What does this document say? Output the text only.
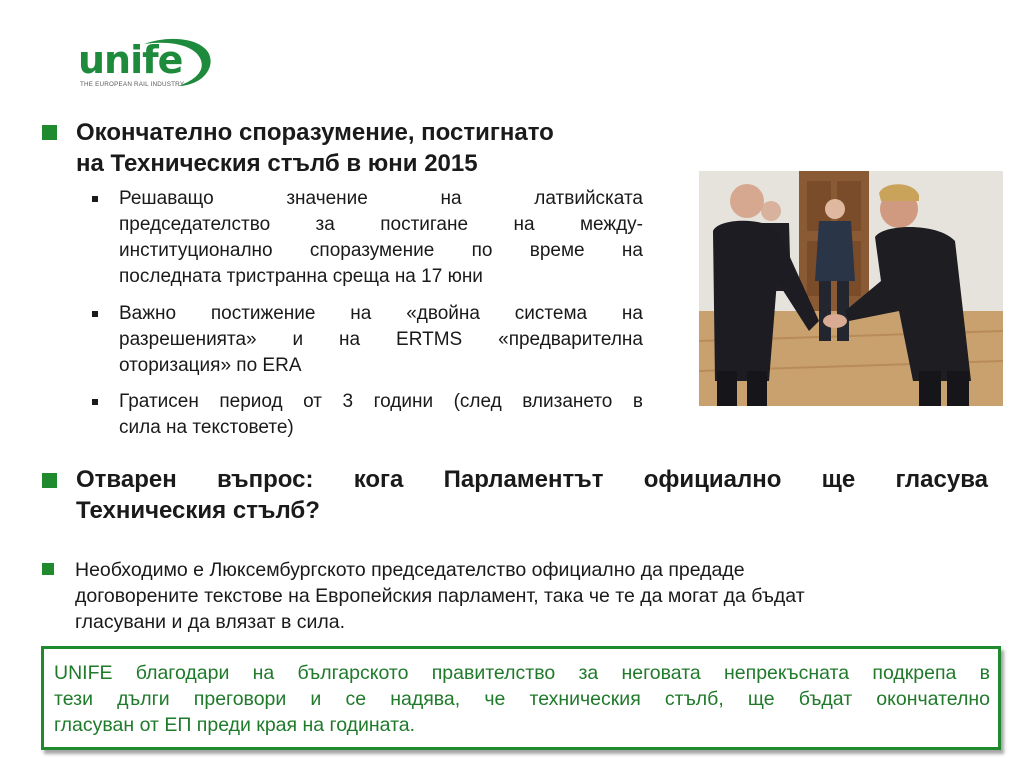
unife
THE EUROPEAN RAIL INDUSTRY
Окончателно споразумение, постигнато
на Техническия стълб в юни 2015
Решаващо значение на латвийската
председателство за постигане на между-
институционално споразумение по време на
последната тристранна среща на 17 юни
Важно постижение на «двойна система на
разрешенията» и на ERTMS «предварителна
оторизация» по ERA
Гратисен период от 3 години (след влизането в
сила на текстовете)
Отварен въпрос: кога Парламентът официално ще гласува
Техническия стълб?
Необходимо е Люксембургското председателство официално да предаде
договорените текстове на Европейския парламент, така че те да могат да бъдат
гласувани и да влязат в сила.
UNIFE благодари на българското правителство за неговата непрекъсната подкрепа в
тези дълги преговори и се надява, че техническия стълб, ще бъдат окончателно
гласуван от ЕП преди края на годината.
